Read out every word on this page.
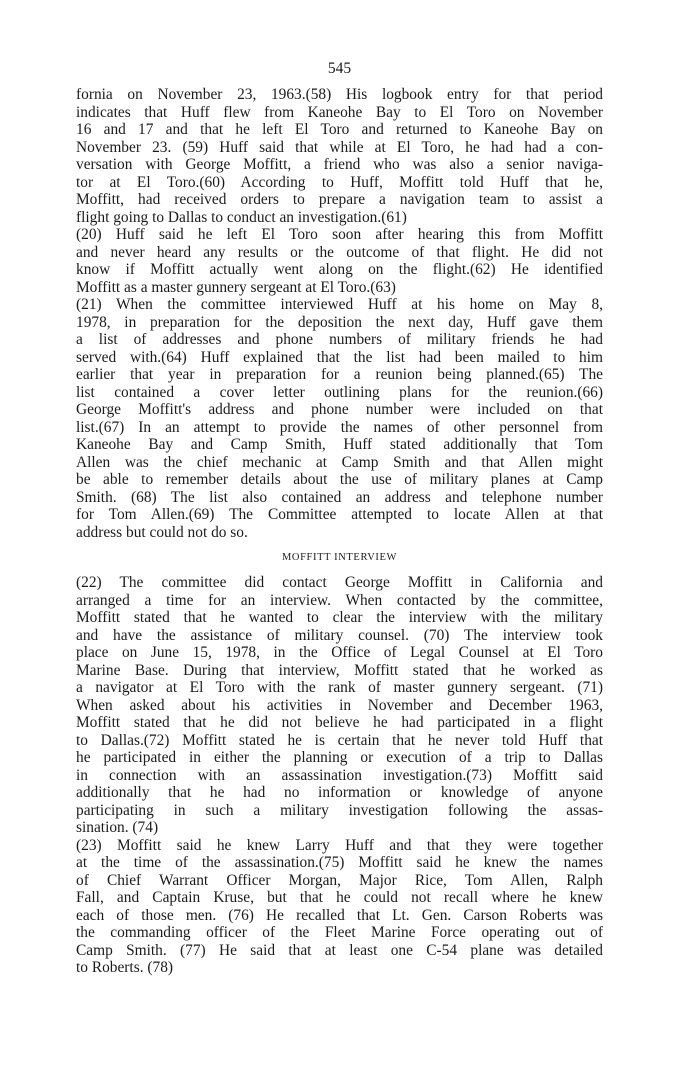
545

fornia on November 23, 1963.(58) His logbook entry for that period
indicates that Huff flew from Kaneohe Bay to El Toro on November
16 and 17 and that he left El Toro and returned to Kaneohe Bay on
November 23. (59) Huff said that while at El Toro, he had had a con-
versation with George Moffitt, a friend who was also a senior naviga-
tor at El Toro.(60) According to Huff, Moffitt told Huff that he,
Moffitt, had received orders to prepare a navigation team to assist a
flight going to Dallas to conduct an investigation.(61)

(20) Huff said he left El Toro soon after hearing this from Moffitt
and never heard any results or the outcome of that flight. He did not
know if Moffitt actually went along on the flight.(62) He identified
Moffitt as a master gunnery sergeant at El Toro.(63)

(21) When the committee interviewed Huff at his home on May 8,
1978, in preparation for the deposition the next day, Huff gave them
a list of addresses and phone numbers of military friends he had
served with.(64) Huff explained that the list had been mailed to him
earlier that year in preparation for a reunion being planned.(65) The
list contained a cover letter outlining plans for the reunion.(66)
George Moffitt's address and phone number were included on that
list.(67) In an attempt to provide the names of other personnel from
Kaneohe Bay and Camp Smith, Huff stated additionally that Tom
Allen was the chief mechanic at Camp Smith and that Allen might
be able to remember details about the use of military planes at Camp
Smith. (68) The list also contained an address and telephone number
for Tom Allen.(69) The Committee attempted to locate Allen at that
address but could not do so.

MOFFITT INTERVIEW

(22) The committee did contact George Moffitt in California and
arranged a time for an interview. When contacted by the committee,
Moffitt stated that he wanted to clear the interview with the military
and have the assistance of military counsel. (70) The interview took
place on June 15, 1978, in the Office of Legal Counsel at El Toro
Marine Base. During that interview, Moffitt stated that he worked as
a navigator at El Toro with the rank of master gunnery sergeant. (71)
When asked about his activities in November and December 1963,
Moffitt stated that he did not believe he had participated in a flight
to Dallas.(72) Moffitt stated he is certain that he never told Huff that
he participated in either the planning or execution of a trip to Dallas
in connection with an assassination investigation.(73) Moffitt said
additionally that he had no information or knowledge of anyone
participating in such a military investigation following the assas-
sination. (74)

(23) Moffitt said he knew Larry Huff and that they were together
at the time of the assassination.(75) Moffitt said he knew the names
of Chief Warrant Officer Morgan, Major Rice, Tom Allen, Ralph
Fall, and Captain Kruse, but that he could not recall where he knew
each of those men. (76) He recalled that Lt. Gen. Carson Roberts was
the commanding officer of the Fleet Marine Force operating out of
Camp Smith. (77) He said that at least one C-54 plane was detailed
to Roberts. (78)
